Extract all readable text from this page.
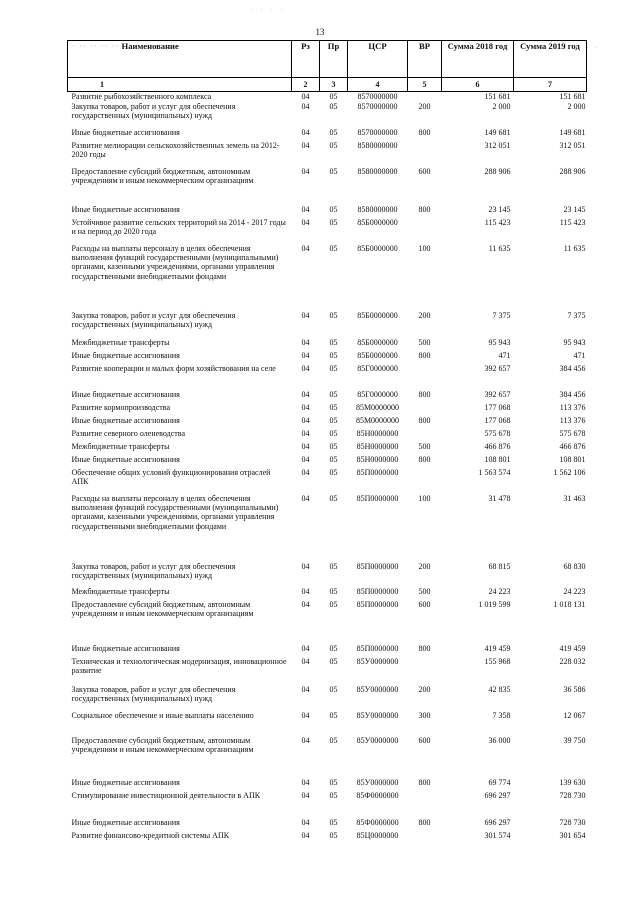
· · · ·
· ·
13
· ·· ·· ·· ·· Наименование	Рз	Пр	ЦСР	ВР	Сумма 2018 год	Сумма 2019 год
1	2	3	4	5	6	7
Развитие рыбохозяйственного комплекса	04	05	8570000000		151 681	151 681
Закупка товаров, работ и услуг для обеспечения государственных (муниципальных) нужд	04	05	8570000000	200	2 000	2 000
Иные бюджетные ассигнования	04	05	8570000000	800	149 681	149 681
Развитие мелиорации сельскохозяйственных земель на 2012-2020 годы	04	05	8580000000		312 051	312 051
Предоставление субсидий бюджетным, автономным учреждениям и иным некоммерческим организациям	04	05	8580000000	600	288 906	288 906
Иные бюджетные ассигнования	04	05	8580000000	800	23 145	23 145
Устойчивое развитие сельских территорий на 2014 - 2017 годы и на период до 2020 года	04	05	85Б0000000		115 423	115 423
Расходы на выплаты персоналу в целях обеспечения выполнения функций государственными (муниципальными) органами, казенными учреждениями, органами управления государственными внебюджетными фондами	04	05	85Б0000000	100	11 635	11 635
Закупка товаров, работ и услуг для обеспечения государственных (муниципальных) нужд	04	05	85Б0000000	200	7 375	7 375
Межбюджетные трансферты	04	05	85Б0000000	500	95 943	95 943
Иные бюджетные ассигнования	04	05	85Б0000000	800	471	471
Развитие кооперации и малых форм хозяйствования на селе	04	05	85Г0000000		392 657	384 456
Иные бюджетные ассигнования	04	05	85Г0000000	800	392 657	384 456
Развитие кормопроизводства	04	05	85М0000000		177 068	113 376
Иные бюджетные ассигнования	04	05	85М0000000	800	177 068	113 376
Развитие северного оленеводства	04	05	85Н0000000		575 678	575 678
Межбюджетные трансферты	04	05	85Н0000000	500	466 876	466 876
Иные бюджетные ассигнования	04	05	85Н0000000	800	108 801	108 801
Обеспечение общих условий функционирования отраслей АПК	04	05	85П0000000		1 563 574	1 562 106
Расходы на выплаты персоналу в целях обеспечения выполнения функций государственными (муниципальными) органами, казенными учреждениями, органами управления государственными внебюджетными фондами	04	05	85П0000000	100	31 478	31 463
Закупка товаров, работ и услуг для обеспечения государственных (муниципальных) нужд	04	05	85П0000000	200	68 815	68 830
Межбюджетные трансферты	04	05	85П0000000	500	24 223	24 223
Предоставление субсидий бюджетным, автономным учреждениям и иным некоммерческим организациям	04	05	85П0000000	600	1 019 599	1 018 131
Иные бюджетные ассигнования	04	05	85П0000000	800	419 459	419 459
Техническая и технологическая модернизация, инновационное развитие	04	05	85У0000000		155 968	228 032
Закупка товаров, работ и услуг для обеспечения государственных (муниципальных) нужд	04	05	85У0000000	200	42 835	36 586
Социальное обеспечение и иные выплаты населению	04	05	85У0000000	300	7 358	12 067
Предоставление субсидий бюджетным, автономным учреждениям и иным некоммерческим организациям	04	05	85У0000000	600	36 000	39 750
Иные бюджетные ассигнования	04	05	85У0000000	800	69 774	139 630
Стимулирование инвестиционной деятельности в АПК	04	05	85Ф0000000		696 297	728 730
Иные бюджетные ассигнования	04	05	85Ф0000000	800	696 297	728 730
Развитие финансово-кредитной системы АПК	04	05	85Ц0000000		301 574	301 654
